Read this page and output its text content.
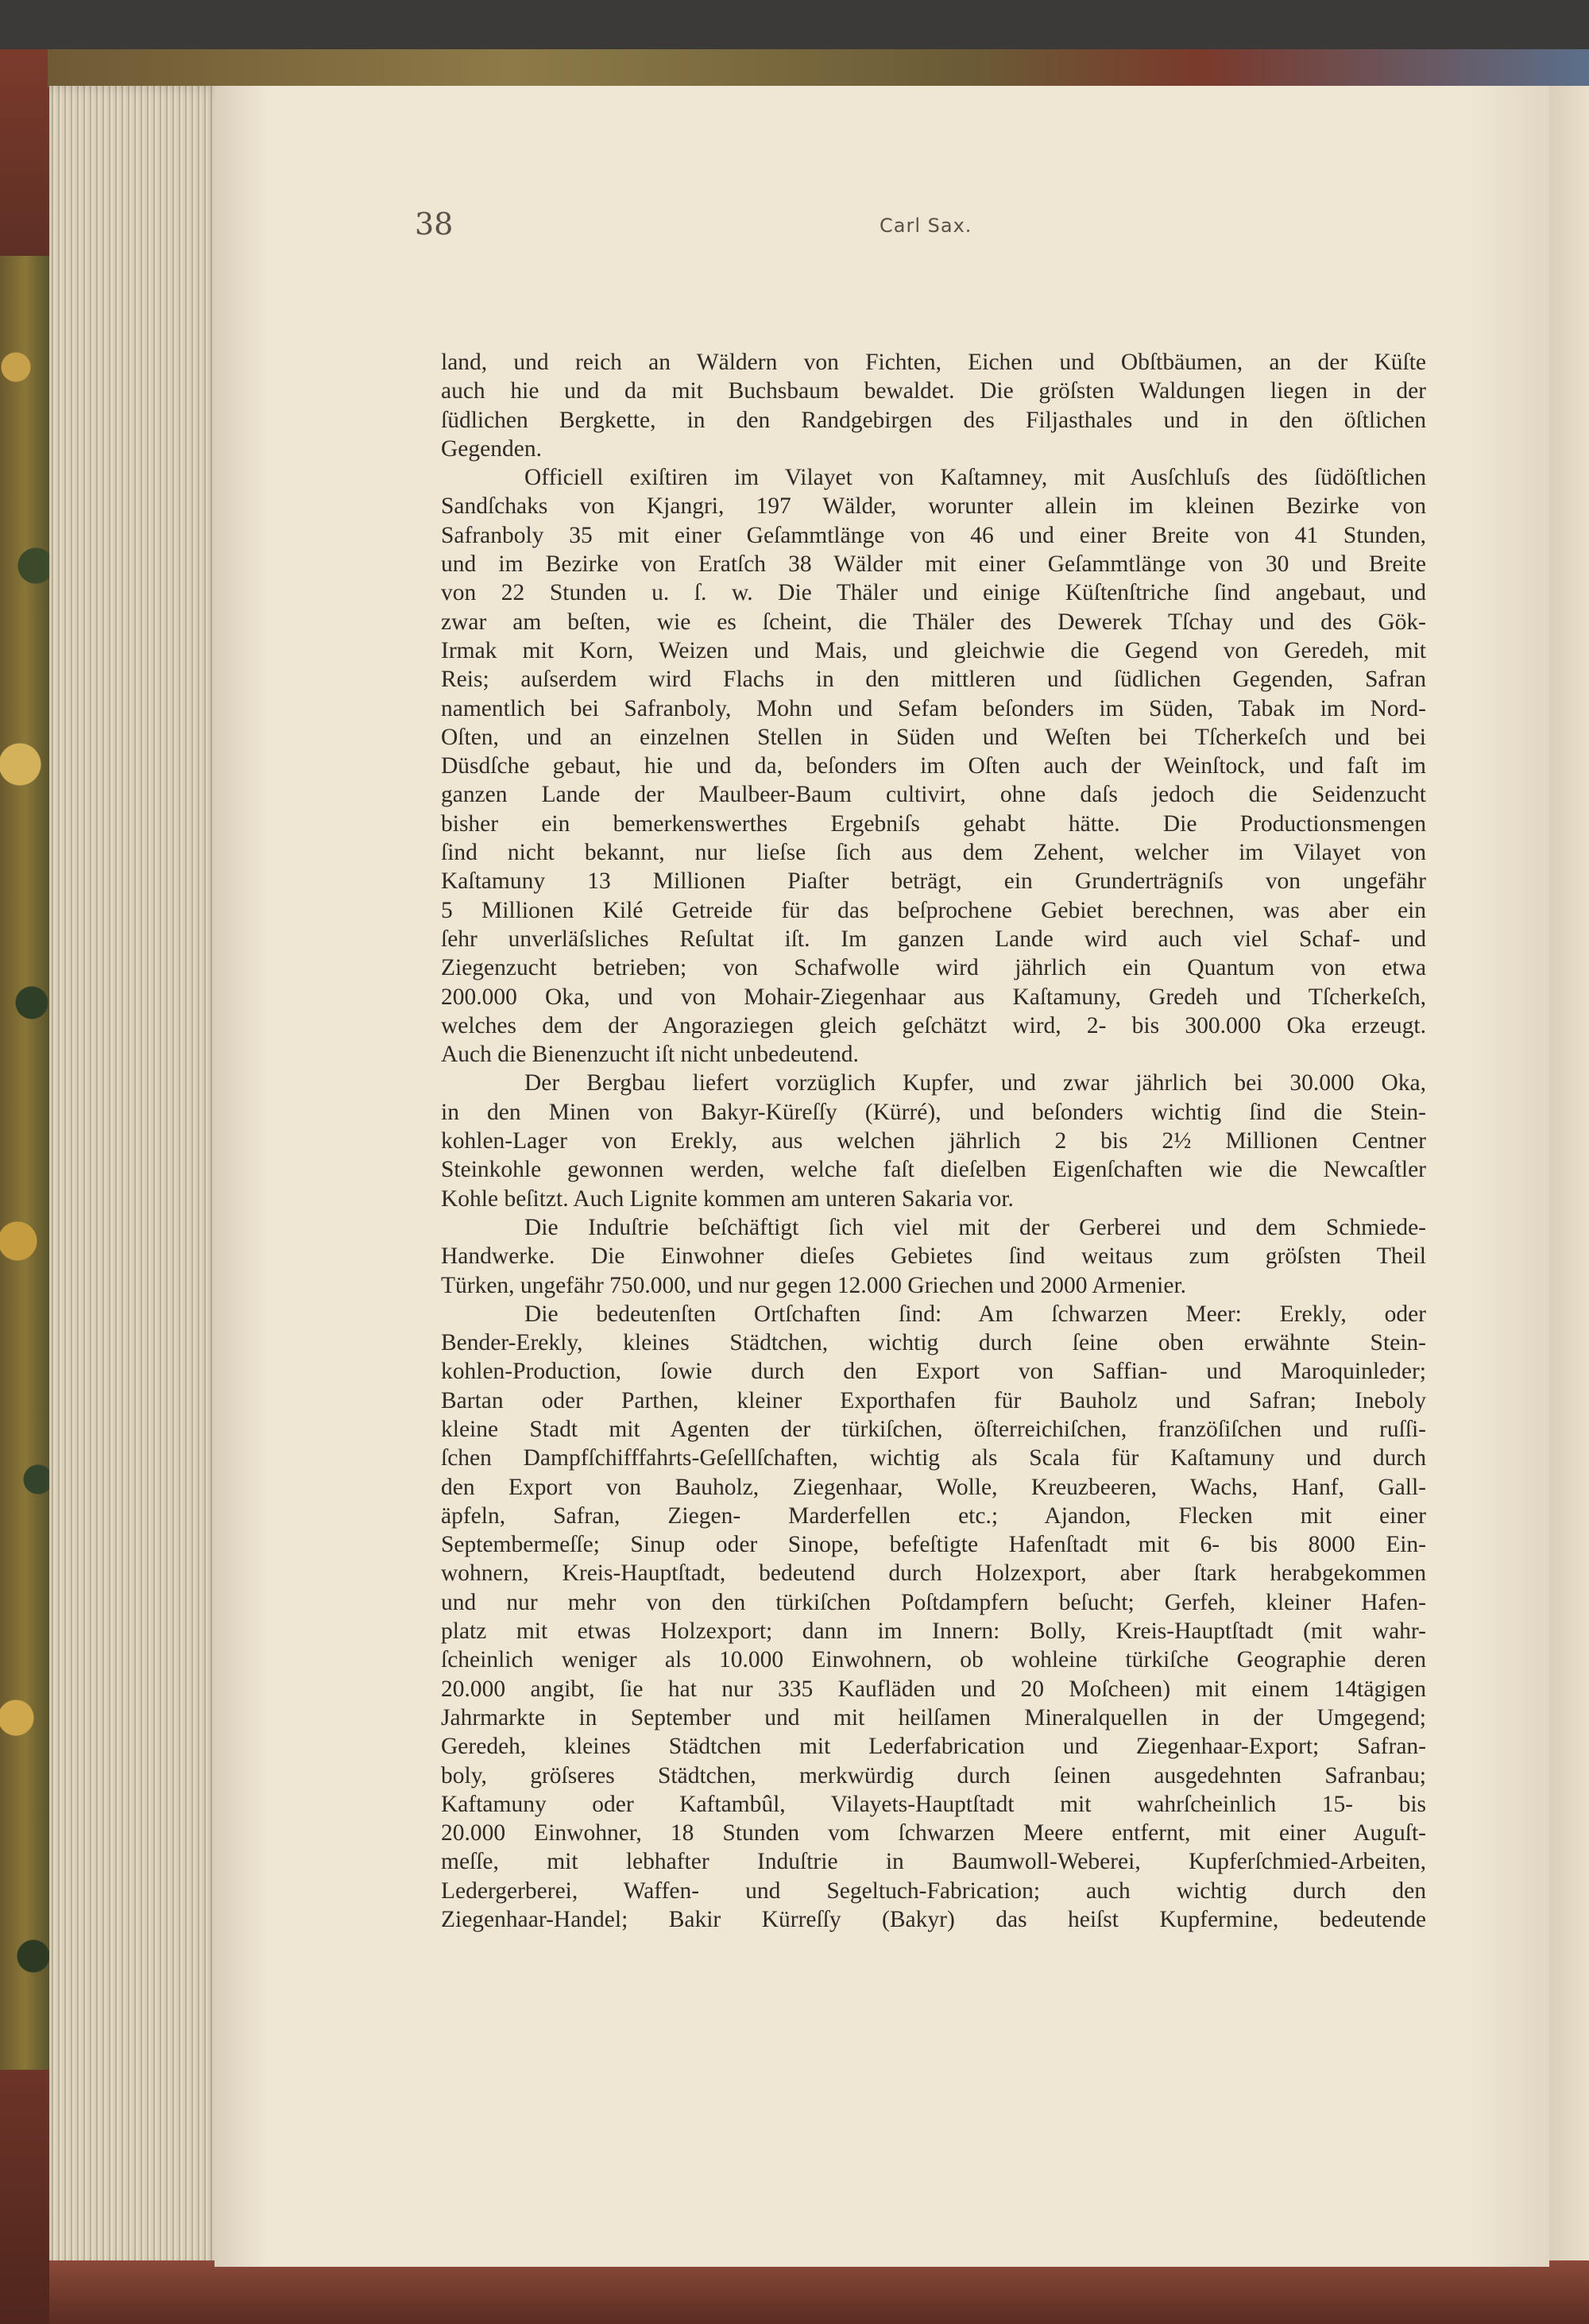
38	Carl Sax.
land, und reich an Wäldern von Fichten, Eichen und Obſtbäumen, an der Küſte
auch hie und da mit Buchsbaum bewaldet. Die gröſsten Waldungen liegen in der
ſüdlichen Bergkette, in den Randgebirgen des Filjasthales und in den öſtlichen
Gegenden.
Officiell exiſtiren im Vilayet von Kaſtamney, mit Ausſchluſs des ſüdöſtlichen
Sandſchaks von Kjangri, 197 Wälder, worunter allein im kleinen Bezirke von
Safranboly 35 mit einer Geſammtlänge von 46 und einer Breite von 41 Stunden,
und im Bezirke von Eratſch 38 Wälder mit einer Geſammtlänge von 30 und Breite
von 22 Stunden u. ſ. w. Die Thäler und einige Küſtenſtriche ſind angebaut, und
zwar am beſten, wie es ſcheint, die Thäler des Dewerek Tſchay und des Gök-
Irmak mit Korn, Weizen und Mais, und gleichwie die Gegend von Geredeh, mit
Reis; auſserdem wird Flachs in den mittleren und ſüdlichen Gegenden, Safran
namentlich bei Safranboly, Mohn und Sefam beſonders im Süden, Tabak im Nord-
Oſten, und an einzelnen Stellen in Süden und Weſten bei Tſcherkeſch und bei
Düsdſche gebaut, hie und da, beſonders im Oſten auch der Weinſtock, und faſt im
ganzen Lande der Maulbeer-Baum cultivirt, ohne daſs jedoch die Seidenzucht
bisher ein bemerkenswerthes Ergebniſs gehabt hätte. Die Productionsmengen
ſind nicht bekannt, nur lieſse ſich aus dem Zehent, welcher im Vilayet von
Kaſtamuny 13 Millionen Piaſter beträgt, ein Grunderträgniſs von ungefähr
5 Millionen Kilé Getreide für das beſprochene Gebiet berechnen, was aber ein
ſehr unverläſsliches Reſultat iſt. Im ganzen Lande wird auch viel Schaf- und
Ziegenzucht betrieben; von Schafwolle wird jährlich ein Quantum von etwa
200.000 Oka, und von Mohair-Ziegenhaar aus Kaſtamuny, Gredeh und Tſcherkeſch,
welches dem der Angoraziegen gleich geſchätzt wird, 2- bis 300.000 Oka erzeugt.
Auch die Bienenzucht iſt nicht unbedeutend.
Der Bergbau liefert vorzüglich Kupfer, und zwar jährlich bei 30.000 Oka,
in den Minen von Bakyr-Küreſſy (Kürré), und beſonders wichtig ſind die Stein-
kohlen-Lager von Erekly, aus welchen jährlich 2 bis 2½ Millionen Centner
Steinkohle gewonnen werden, welche faſt dieſelben Eigenſchaften wie die Newcaſtler
Kohle beſitzt. Auch Lignite kommen am unteren Sakaria vor.
Die Induſtrie beſchäftigt ſich viel mit der Gerberei und dem Schmiede-
Handwerke. Die Einwohner dieſes Gebietes ſind weitaus zum gröſsten Theil
Türken, ungefähr 750.000, und nur gegen 12.000 Griechen und 2000 Armenier.
Die bedeutenſten Ortſchaften ſind: Am ſchwarzen Meer: Erekly, oder
Bender-Erekly, kleines Städtchen, wichtig durch ſeine oben erwähnte Stein-
kohlen-Production, ſowie durch den Export von Saffian- und Maroquinleder;
Bartan oder Parthen, kleiner Exporthafen für Bauholz und Safran; Ineboly
kleine Stadt mit Agenten der türkiſchen, öſterreichiſchen, franzöſiſchen und ruſſi-
ſchen Dampfſchifffahrts-Geſellſchaften, wichtig als Scala für Kaſtamuny und durch
den Export von Bauholz, Ziegenhaar, Wolle, Kreuzbeeren, Wachs, Hanf, Gall-
äpfeln, Safran, Ziegen- Marderfellen etc.; Ajandon, Flecken mit einer
Septembermeſſe; Sinup oder Sinope, befeſtigte Hafenſtadt mit 6- bis 8000 Ein-
wohnern, Kreis-Hauptſtadt, bedeutend durch Holzexport, aber ſtark herabgekommen
und nur mehr von den türkiſchen Poſtdampfern beſucht; Gerfeh, kleiner Hafen-
platz mit etwas Holzexport; dann im Innern: Bolly, Kreis-Hauptſtadt (mit wahr-
ſcheinlich weniger als 10.000 Einwohnern, ob wohleine türkiſche Geographie deren
20.000 angibt, ſie hat nur 335 Kaufläden und 20 Moſcheen) mit einem 14tägigen
Jahrmarkte in September und mit heilſamen Mineralquellen in der Umgegend;
Geredeh, kleines Städtchen mit Lederfabrication und Ziegenhaar-Export; Safran-
boly, gröſseres Städtchen, merkwürdig durch ſeinen ausgedehnten Safranbau;
Kaftamuny oder Kaftambûl, Vilayets-Hauptſtadt mit wahrſcheinlich 15- bis
20.000 Einwohner, 18 Stunden vom ſchwarzen Meere entfernt, mit einer Auguſt-
meſſe, mit lebhafter Induſtrie in Baumwoll-Weberei, Kupferſchmied-Arbeiten,
Ledergerberei, Waffen- und Segeltuch-Fabrication; auch wichtig durch den
Ziegenhaar-Handel; Bakir Kürreſſy (Bakyr) das heiſst Kupfermine, bedeutende
